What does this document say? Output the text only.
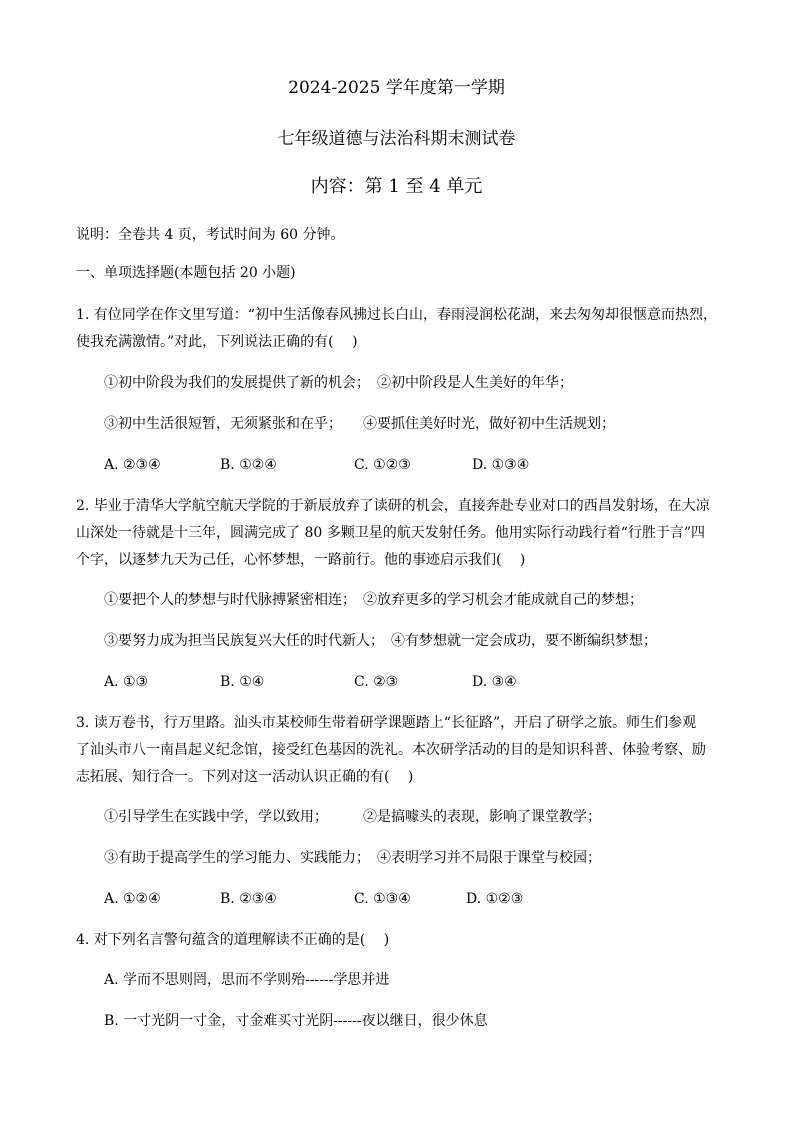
2024-2025 学年度第一学期
七年级道德与法治科期末测试卷
内容：第 1 至 4 单元
说明：全卷共 4 页，考试时间为 60 分钟。
一、单项选择题(本题包括 20 小题)
1. 有位同学在作文里写道：“初中生活像春风拂过长白山，春雨浸润松花湖，来去匆匆却很惬意而热烈，
使我充满激情。”对此，下列说法正确的有(　 )
①初中阶段为我们的发展提供了新的机会；　②初中阶段是人生美好的年华；
③初中生活很短暂，无须紧张和在乎；　　④要抓住美好时光，做好初中生活规划；
A. ②③④	B. ①②④	C. ①②③	D. ①③④
2. 毕业于清华大学航空航天学院的于新辰放弃了读研的机会，直接奔赴专业对口的西昌发射场，在大凉
山深处一待就是十三年，圆满完成了 80 多颗卫星的航天发射任务。他用实际行动践行着“行胜于言”四
个字，以逐梦九天为己任，心怀梦想，一路前行。他的事迹启示我们(　 )
①要把个人的梦想与时代脉搏紧密相连；　②放弃更多的学习机会才能成就自己的梦想；
③要努力成为担当民族复兴大任的时代新人；　④有梦想就一定会成功，要不断编织梦想；
A. ①③	B. ①④	C. ②③	D. ③④
3. 读万卷书，行万里路。汕头市某校师生带着研学课题踏上“长征路”，开启了研学之旅。师生们参观
了汕头市八一南昌起义纪念馆，接受红色基因的洗礼。本次研学活动的目的是知识科普、体验考察、励
志拓展、知行合一。下列对这一活动认识正确的有(　 )
①引导学生在实践中学，学以致用；　　　②是搞噱头的表现，影响了课堂教学；
③有助于提高学生的学习能力、实践能力；　④表明学习并不局限于课堂与校园；
A. ①②④	B. ②③④	C. ①③④	D. ①②③
4. 对下列名言警句蕴含的道理解读不正确的是(　 )
A. 学而不思则罔，思而不学则殆------学思并进
B. 一寸光阴一寸金，寸金难买寸光阴------夜以继日，很少休息
